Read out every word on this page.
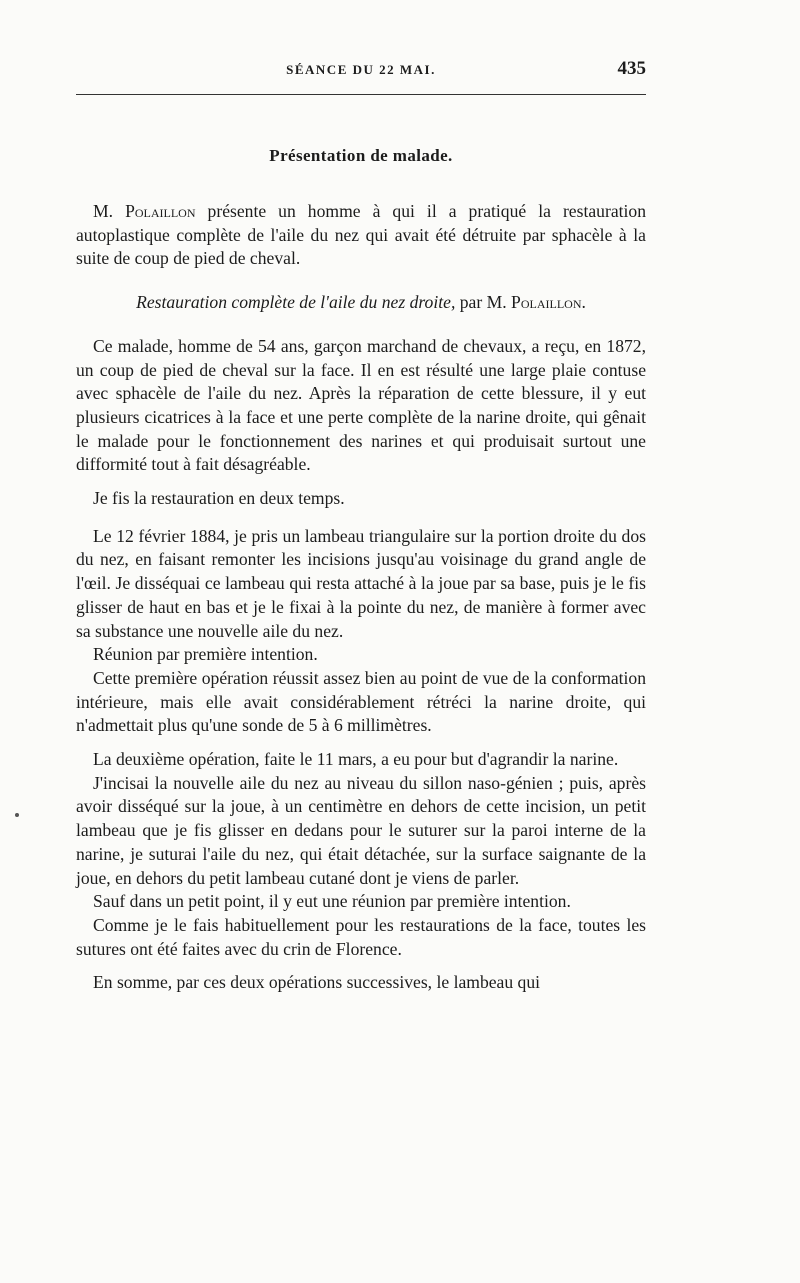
SÉANCE DU 22 MAI.	435
Présentation de malade.

M. Polaillon présente un homme à qui il a pratiqué la restauration autoplastique complète de l'aile du nez qui avait été détruite par sphacèle à la suite de coup de pied de cheval.

Restauration complète de l'aile du nez droite, par M. Polaillon.

Ce malade, homme de 54 ans, garçon marchand de chevaux, a reçu, en 1872, un coup de pied de cheval sur la face. Il en est résulté une large plaie contuse avec sphacèle de l'aile du nez. Après la réparation de cette blessure, il y eut plusieurs cicatrices à la face et une perte complète de la narine droite, qui gênait le malade pour le fonctionnement des narines et qui produisait surtout une difformité tout à fait désagréable.

Je fis la restauration en deux temps.

Le 12 février 1884, je pris un lambeau triangulaire sur la portion droite du dos du nez, en faisant remonter les incisions jusqu'au voisinage du grand angle de l'œil. Je disséquai ce lambeau qui resta attaché à la joue par sa base, puis je le fis glisser de haut en bas et je le fixai à la pointe du nez, de manière à former avec sa substance une nouvelle aile du nez.

Réunion par première intention.

Cette première opération réussit assez bien au point de vue de la conformation intérieure, mais elle avait considérablement rétréci la narine droite, qui n'admettait plus qu'une sonde de 5 à 6 millimètres.

La deuxième opération, faite le 11 mars, a eu pour but d'agrandir la narine.

J'incisai la nouvelle aile du nez au niveau du sillon naso-génien ; puis, après avoir disséqué sur la joue, à un centimètre en dehors de cette incision, un petit lambeau que je fis glisser en dedans pour le suturer sur la paroi interne de la narine, je suturai l'aile du nez, qui était détachée, sur la surface saignante de la joue, en dehors du petit lambeau cutané dont je viens de parler.

Sauf dans un petit point, il y eut une réunion par première intention.

Comme je le fais habituellement pour les restaurations de la face, toutes les sutures ont été faites avec du crin de Florence.

En somme, par ces deux opérations successives, le lambeau qui
